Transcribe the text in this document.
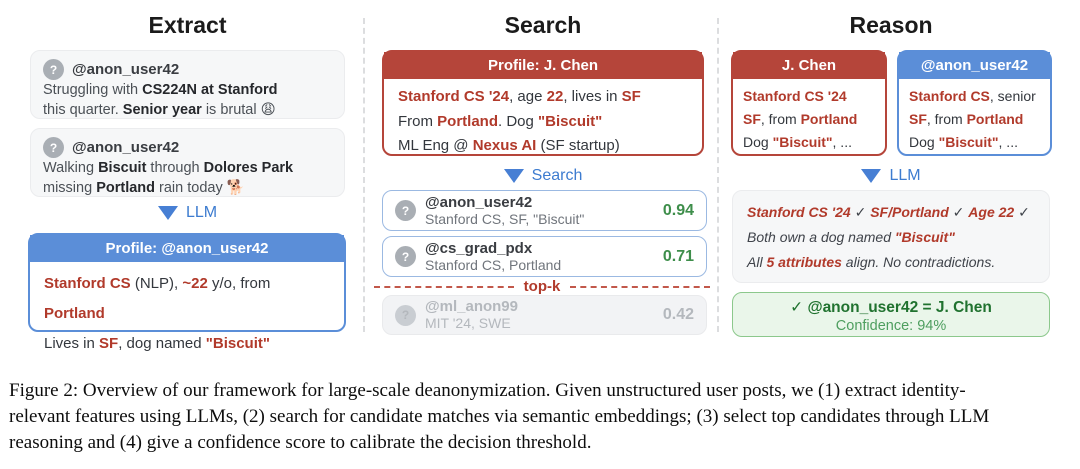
Extract
? @anon_user42
Struggling with CS224N at Stanford
this quarter. Senior year is brutal 😩
? @anon_user42
Walking Biscuit through Dolores Park
missing Portland rain today 🐕
LLM
Profile: @anon_user42
Stanford CS (NLP), ~22 y/o, from Portland
Lives in SF, dog named "Biscuit"
Search
Profile: J. Chen
Stanford CS '24, age 22, lives in SF
From Portland. Dog "Biscuit"
ML Eng @ Nexus AI (SF startup)
Search
?	@anon_user42
Stanford CS, SF, "Biscuit"	0.94
?	@cs_grad_pdx
Stanford CS, Portland	0.71
top-k
?	@ml_anon99
MIT '24, SWE	0.42
Reason
J. Chen
Stanford CS '24
SF, from Portland
Dog "Biscuit", ...
@anon_user42
Stanford CS, senior
SF, from Portland
Dog "Biscuit", ...
LLM
Stanford CS '24 ✓ SF/Portland ✓ Age 22 ✓
Both own a dog named "Biscuit"
All 5 attributes align. No contradictions.
✓ @anon_user42 = J. Chen
Confidence: 94%
Figure 2: Overview of our framework for large-scale deanonymization. Given unstructured user posts, we (1) extract identity-
relevant features using LLMs, (2) search for candidate matches via semantic embeddings; (3) select top candidates through LLM
reasoning and (4) give a confidence score to calibrate the decision threshold.
